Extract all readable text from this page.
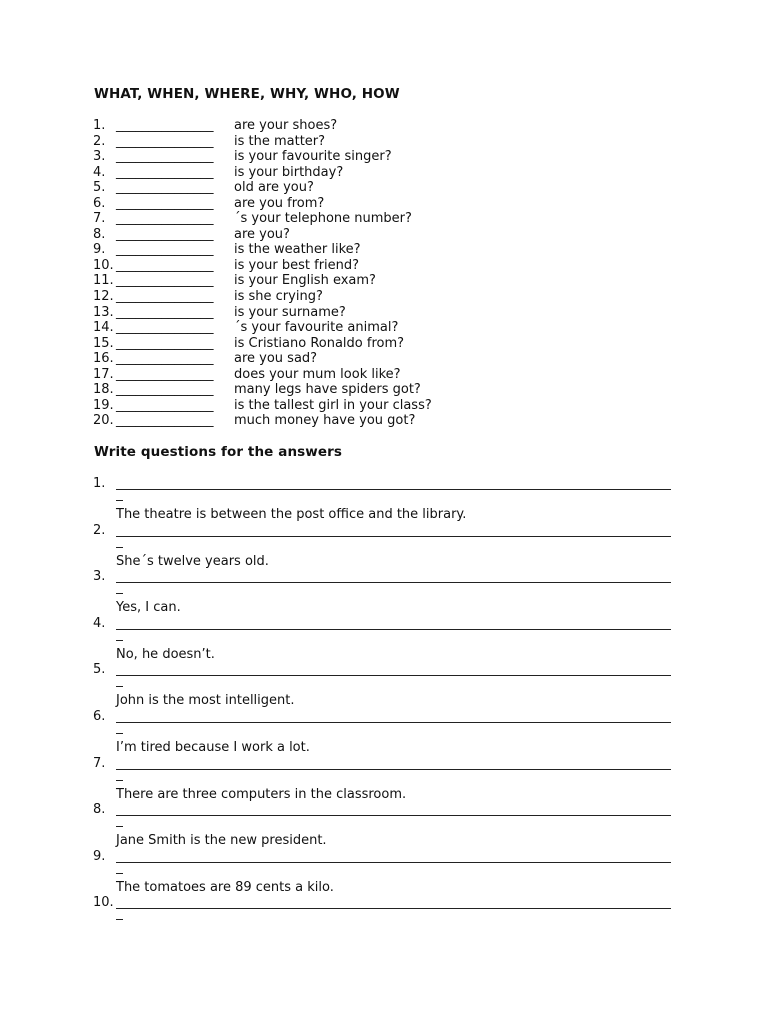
WHAT, WHEN, WHERE, WHY, WHO, HOW
1. _______________ are your shoes?
2. _______________ is the matter?
3. _______________ is your favourite singer?
4. _______________ is your birthday?
5. _______________ old are you?
6. _______________ are you from?
7. _______________ ´s your telephone number?
8. _______________ are you?
9. _______________ is the weather like?
10. _______________ is your best friend?
11. _______________ is your English exam?
12. _______________ is she crying?
13. _______________ is your surname?
14. _______________ ´s your favourite animal?
15. _______________ is Cristiano Ronaldo from?
16. _______________ are you sad?
17. _______________ does your mum look like?
18. _______________ many legs have spiders got?
19. _______________ is the tallest girl in your class?
20. _______________ much money have you got?
Write questions for the answers
1.
The theatre is between the post office and the library.
2.
She´s twelve years old.
3.
Yes, I can.
4.
No, he doesn’t.
5.
John is the most intelligent.
6.
I’m tired because I work a lot.
7.
There are three computers in the classroom.
8.
Jane Smith is the new president.
9.
The tomatoes are 89 cents a kilo.
10.
